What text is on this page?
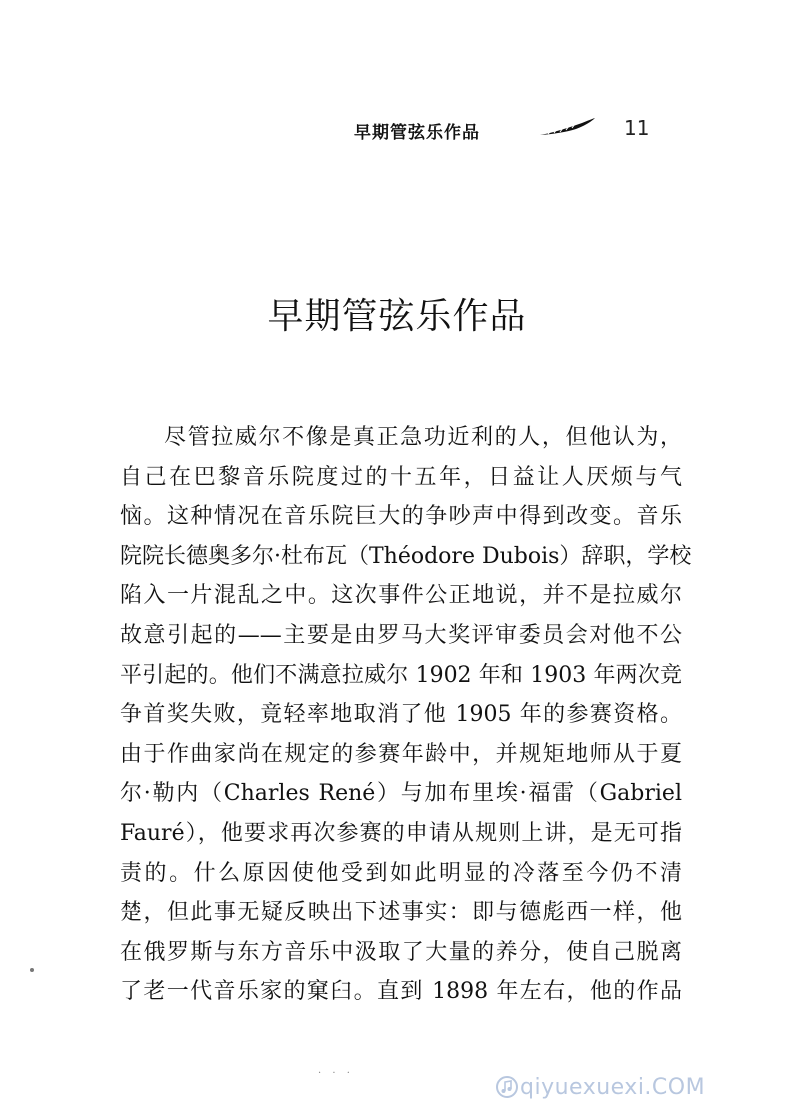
早期管弦乐作品	11
早期管弦乐作品
尽管拉威尔不像是真正急功近利的人，但他认为，
自己在巴黎音乐院度过的十五年，日益让人厌烦与气
恼。这种情况在音乐院巨大的争吵声中得到改变。音乐
院院长德奥多尔·杜布瓦（Théodore Dubois）辞职，学校
陷入一片混乱之中。这次事件公正地说，并不是拉威尔
故意引起的——主要是由罗马大奖评审委员会对他不公
平引起的。他们不满意拉威尔 1902 年和 1903 年两次竞
争首奖失败，竟轻率地取消了他 1905 年的参赛资格。
由于作曲家尚在规定的参赛年龄中，并规矩地师从于夏
尔·勒内（Charles René）与加布里埃·福雷（Gabriel
Fauré），他要求再次参赛的申请从规则上讲，是无可指
责的。什么原因使他受到如此明显的冷落至今仍不清
楚，但此事无疑反映出下述事实：即与德彪西一样，他
在俄罗斯与东方音乐中汲取了大量的养分，使自己脱离
了老一代音乐家的窠臼。直到 1898 年左右，他的作品
· · ·
qiyuexuexi.COM
